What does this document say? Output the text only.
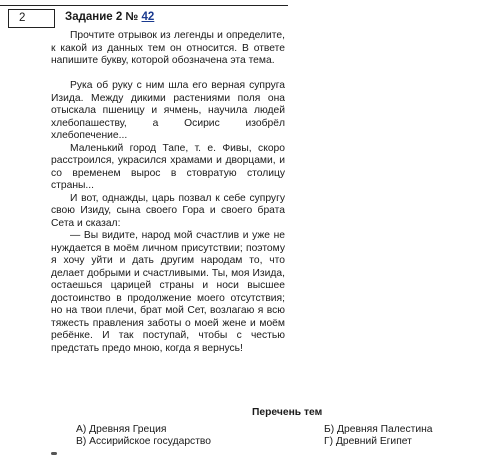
2	Задание 2 № 42

Прочтите отрывок из легенды и определите, к какой из данных тем он относится. В ответе напишите букву, которой обозначена эта тема.

Рука об руку с ним шла его верная супруга Изида. Между дикими растениями поля она отыскала пшеницу и ячмень, научила людей хлебопашеству, а Осирис изобрёл хлебопечение...

Маленький город Тапе, т. е. Фивы, скоро расстроился, украсился храмами и дворцами, и со временем вырос в стовратую столицу страны...

И вот, однажды, царь позвал к себе супругу свою Изиду, сына своего Гора и своего брата Сета и сказал:

— Вы видите, народ мой счастлив и уже не нуждается в моём личном присутствии; поэтому я хочу уйти и дать другим народам то, что делает добрыми и счастливыми. Ты, моя Изида, остаешься царицей страны и носи высшее достоинство в продолжение моего отсутствия; но на твои плечи, брат мой Сет, возлагаю я всю тяжесть правления заботы о моей жене и моём ребёнке. И так поступай, чтобы с честью предстать предо мною, когда я вернусь!

Перечень тем
А) Древняя Греция	Б) Древняя Палестина
В) Ассирийское государство	Г) Древний Египет
